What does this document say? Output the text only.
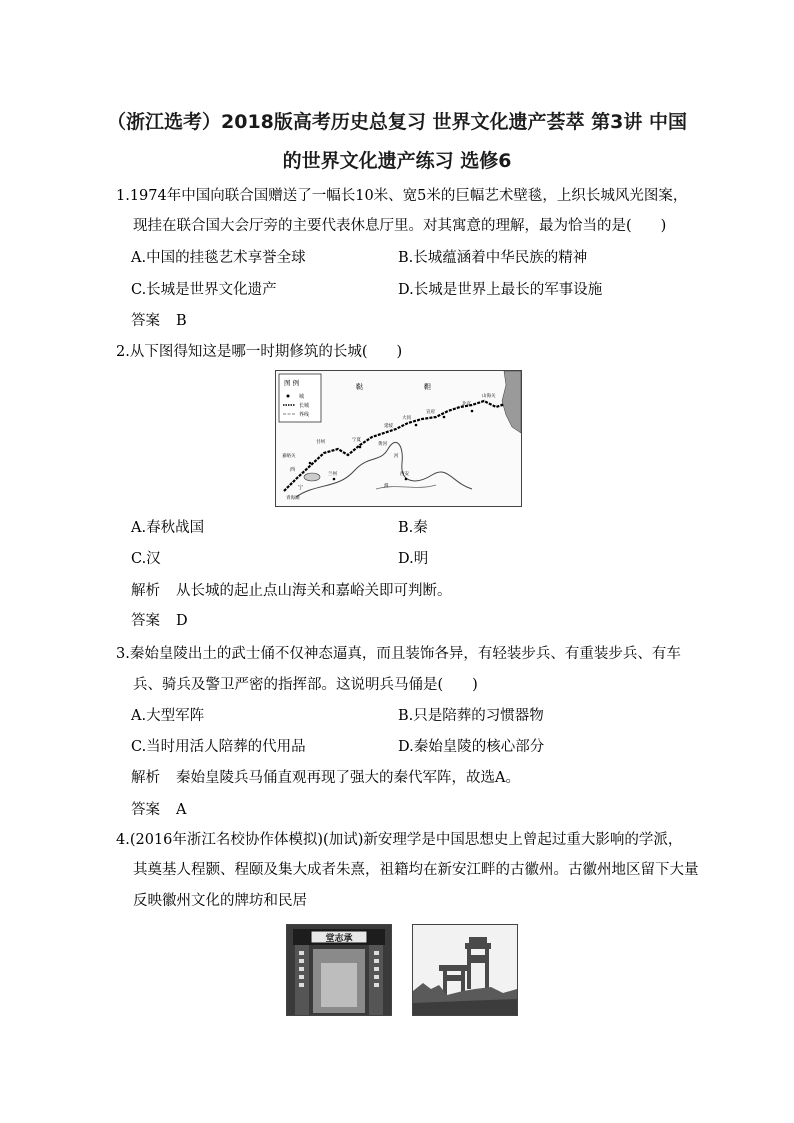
（浙江选考）2018版高考历史总复习 世界文化遗产荟萃 第3讲 中国
的世界文化遗产练习 选修6
1.1974年中国向联合国赠送了一幅长10米、宽5米的巨幅艺术壁毯，上织长城风光图案，
现挂在联合国大会厅旁的主要代表休息厅里。对其寓意的理解，最为恰当的是(　　)
A.中国的挂毯艺术享誉全球	B.长城蕴涵着中华民族的精神
C.长城是世界文化遗产	D.长城是世界上最长的军事设施
答案 B
2.从下图得知这是哪一时期修筑的长城(　　)
图 例
城
长城
界线
鞑	靼
嘉峪关
甘州	宁夏
延绥
宣府
大同
北京
山海关
西
宁
兰州	西安
黄河
渭
河
青海湖
A.春秋战国	B.秦
C.汉	D.明
解析 从长城的起止点山海关和嘉峪关即可判断。
答案 D
3.秦始皇陵出土的武士俑不仅神态逼真，而且装饰各异，有轻装步兵、有重装步兵、有车
兵、骑兵及警卫严密的指挥部。这说明兵马俑是(　　)
A.大型军阵	B.只是陪葬的习惯器物
C.当时用活人陪葬的代用品	D.秦始皇陵的核心部分
解析 秦始皇陵兵马俑直观再现了强大的秦代军阵，故选A。
答案 A
4.(2016年浙江名校协作体模拟)(加试)新安理学是中国思想史上曾起过重大影响的学派，
其奠基人程颢、程颐及集大成者朱熹，祖籍均在新安江畔的古徽州。古徽州地区留下大量
反映徽州文化的牌坊和民居
堂志承
